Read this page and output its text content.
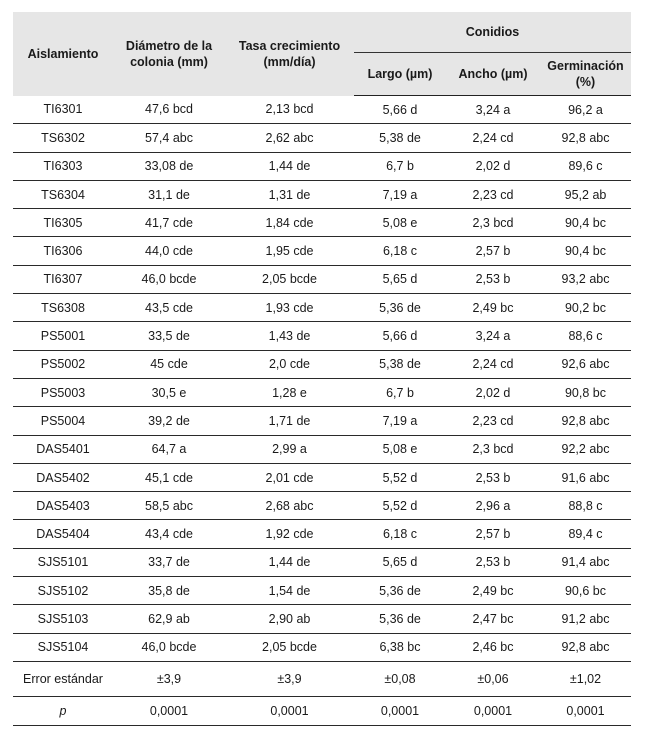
Aislamiento	Diámetro de la colonia (mm)	Tasa crecimiento (mm/día)	Conidios		
			Largo (µm)	Ancho (µm)	Germinación (%)
TI6301	47,6 bcd	2,13 bcd	5,66 d	3,24 a	96,2 a
TS6302	57,4 abc	2,62 abc	5,38 de	2,24 cd	92,8 abc
TI6303	33,08 de	1,44 de	6,7 b	2,02 d	89,6 c
TS6304	31,1 de	1,31 de	7,19 a	2,23 cd	95,2 ab
TI6305	41,7 cde	1,84 cde	5,08 e	2,3 bcd	90,4 bc
TI6306	44,0 cde	1,95 cde	6,18 c	2,57 b	90,4 bc
TI6307	46,0 bcde	2,05 bcde	5,65 d	2,53 b	93,2 abc
TS6308	43,5 cde	1,93 cde	5,36 de	2,49 bc	90,2 bc
PS5001	33,5 de	1,43 de	5,66 d	3,24 a	88,6 c
PS5002	45 cde	2,0 cde	5,38 de	2,24 cd	92,6 abc
PS5003	30,5 e	1,28 e	6,7 b	2,02 d	90,8 bc
PS5004	39,2 de	1,71 de	7,19 a	2,23 cd	92,8 abc
DAS5401	64,7 a	2,99 a	5,08 e	2,3 bcd	92,2 abc
DAS5402	45,1 cde	2,01 cde	5,52 d	2,53 b	91,6 abc
DAS5403	58,5 abc	2,68 abc	5,52 d	2,96 a	88,8 c
DAS5404	43,4 cde	1,92 cde	6,18 c	2,57 b	89,4 c
SJS5101	33,7 de	1,44 de	5,65 d	2,53 b	91,4 abc
SJS5102	35,8 de	1,54 de	5,36 de	2,49 bc	90,6 bc
SJS5103	62,9 ab	2,90 ab	5,36 de	2,47 bc	91,2 abc
SJS5104	46,0 bcde	2,05 bcde	6,38 bc	2,46 bc	92,8 abc
Error estándar	±3,9	±3,9	±0,08	±0,06	±1,02
p	0,0001	0,0001	0,0001	0,0001	0,0001
